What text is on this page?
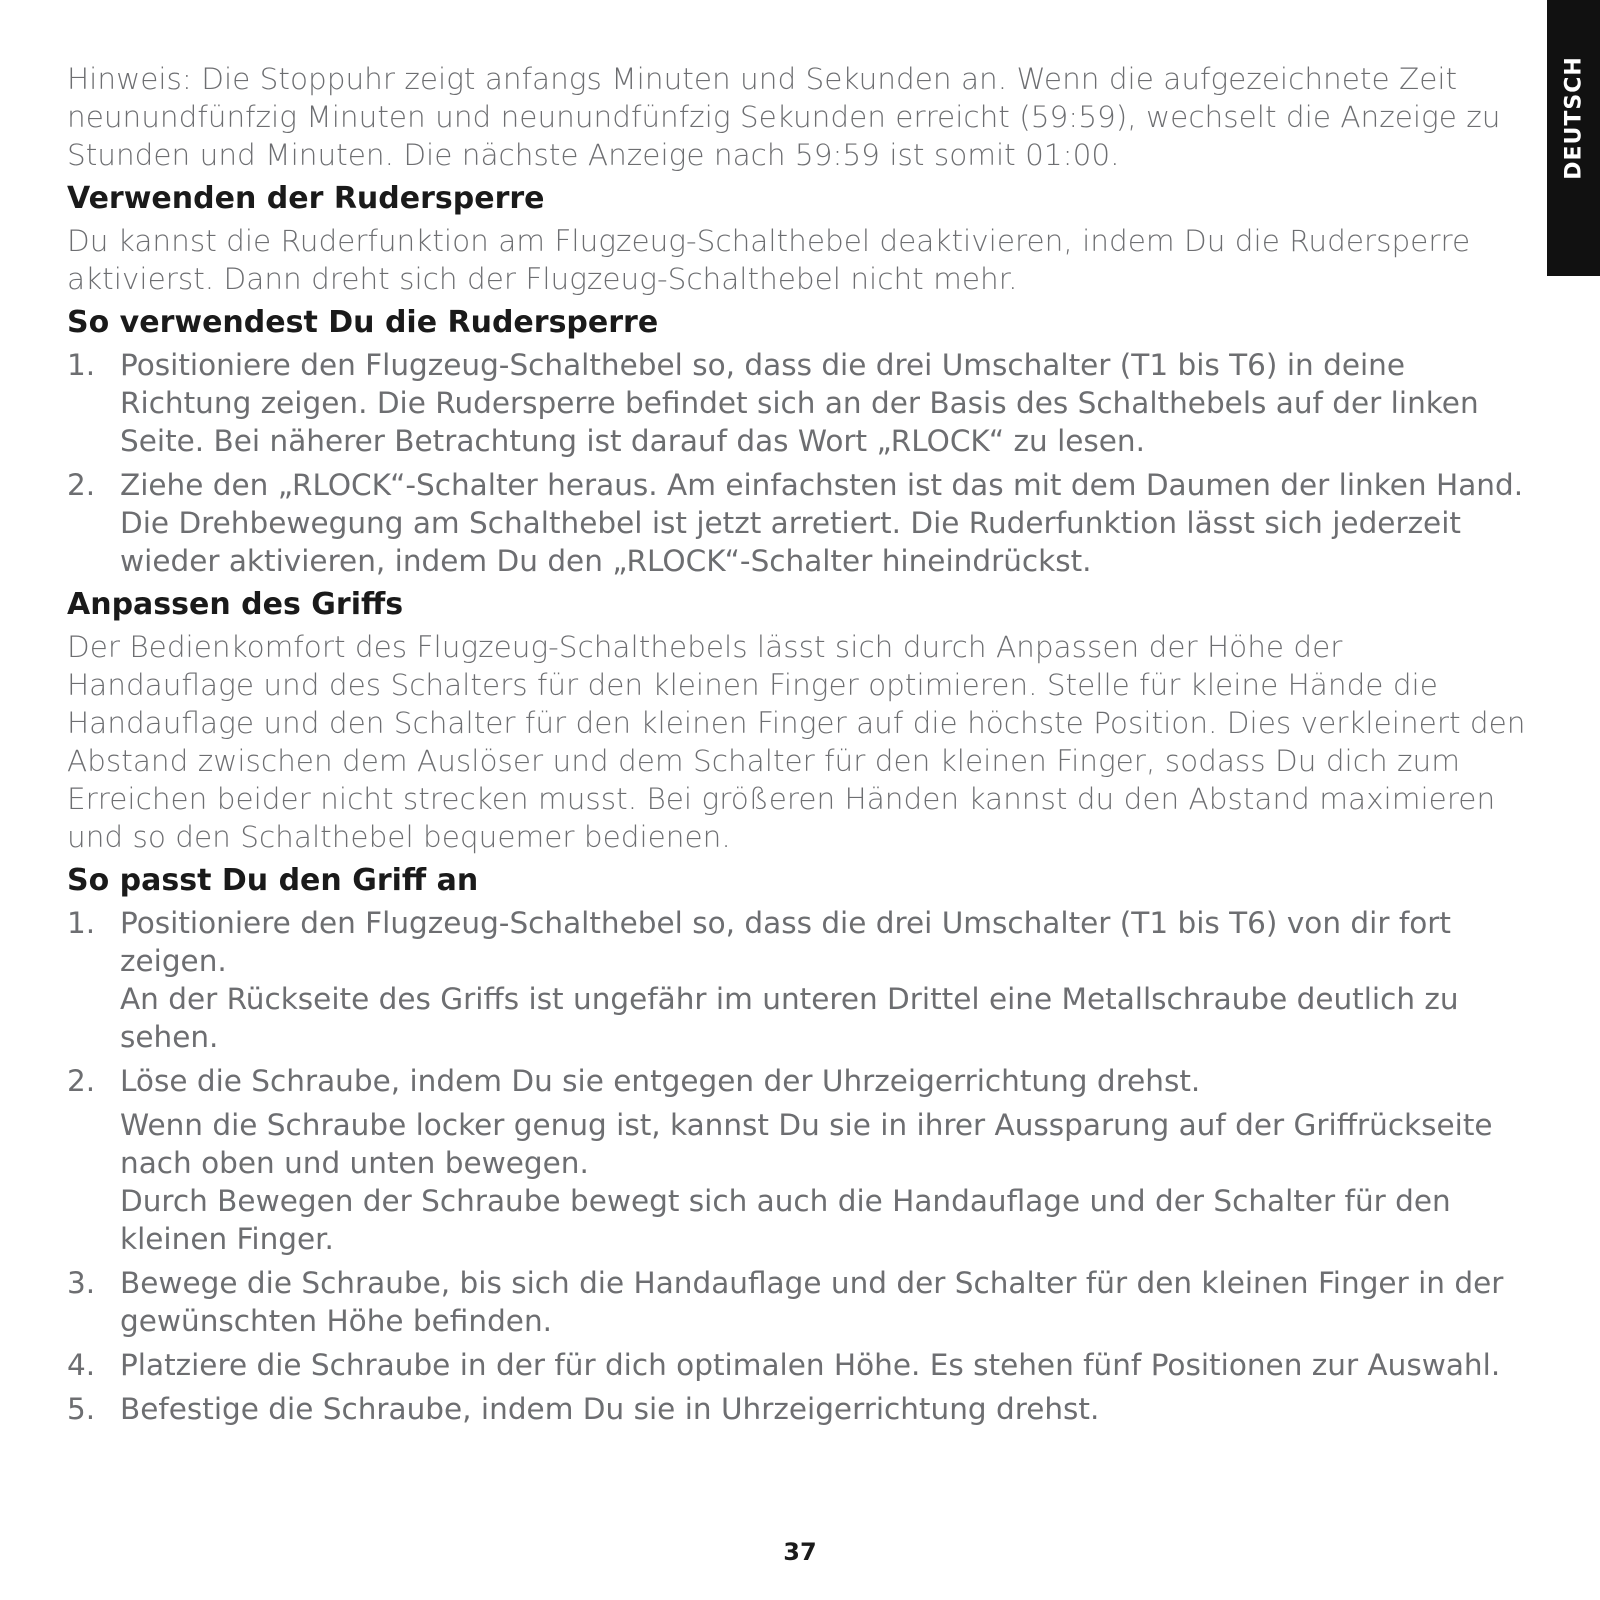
DEUTSCH

Hinweis: Die Stoppuhr zeigt anfangs Minuten und Sekunden an. Wenn die aufgezeichnete Zeit neunundfünfzig Minuten und neunundfünfzig Sekunden erreicht (59:59), wechselt die Anzeige zu Stunden und Minuten. Die nächste Anzeige nach 59:59 ist somit 01:00.

Verwenden der Rudersperre

Du kannst die Ruderfunktion am Flugzeug-Schalthebel deaktivieren, indem Du die Rudersperre aktivierst. Dann dreht sich der Flugzeug-Schalthebel nicht mehr.

So verwendest Du die Rudersperre
1. Positioniere den Flugzeug-Schalthebel so, dass die drei Umschalter (T1 bis T6) in deine Richtung zeigen. Die Rudersperre befindet sich an der Basis des Schalthebels auf der linken Seite. Bei näherer Betrachtung ist darauf das Wort „RLOCK“ zu lesen.
2. Ziehe den „RLOCK“-Schalter heraus. Am einfachsten ist das mit dem Daumen der linken Hand. Die Drehbewegung am Schalthebel ist jetzt arretiert. Die Ruderfunktion lässt sich jederzeit wieder aktivieren, indem Du den „RLOCK“-Schalter hineindrückst.
Anpassen des Griffs

Der Bedienkomfort des Flugzeug-Schalthebels lässt sich durch Anpassen der Höhe der Handauflage und des Schalters für den kleinen Finger optimieren. Stelle für kleine Hände die Handauflage und den Schalter für den kleinen Finger auf die höchste Position. Dies verkleinert den Abstand zwischen dem Auslöser und dem Schalter für den kleinen Finger, sodass Du dich zum Erreichen beider nicht strecken musst. Bei größeren Händen kannst du den Abstand maximieren und so den Schalthebel bequemer bedienen.

So passt Du den Griff an
1. Positioniere den Flugzeug-Schalthebel so, dass die drei Umschalter (T1 bis T6) von dir fort zeigen.
An der Rückseite des Griffs ist ungefähr im unteren Drittel eine Metallschraube deutlich zu sehen.
2. Löse die Schraube, indem Du sie entgegen der Uhrzeigerrichtung drehst.
Wenn die Schraube locker genug ist, kannst Du sie in ihrer Aussparung auf der Griffrückseite nach oben und unten bewegen.
Durch Bewegen der Schraube bewegt sich auch die Handauflage und der Schalter für den kleinen Finger.
3. Bewege die Schraube, bis sich die Handauflage und der Schalter für den kleinen Finger in der gewünschten Höhe befinden.
4. Platziere die Schraube in der für dich optimalen Höhe. Es stehen fünf Positionen zur Auswahl.
5. Befestige die Schraube, indem Du sie in Uhrzeigerrichtung drehst.
37
